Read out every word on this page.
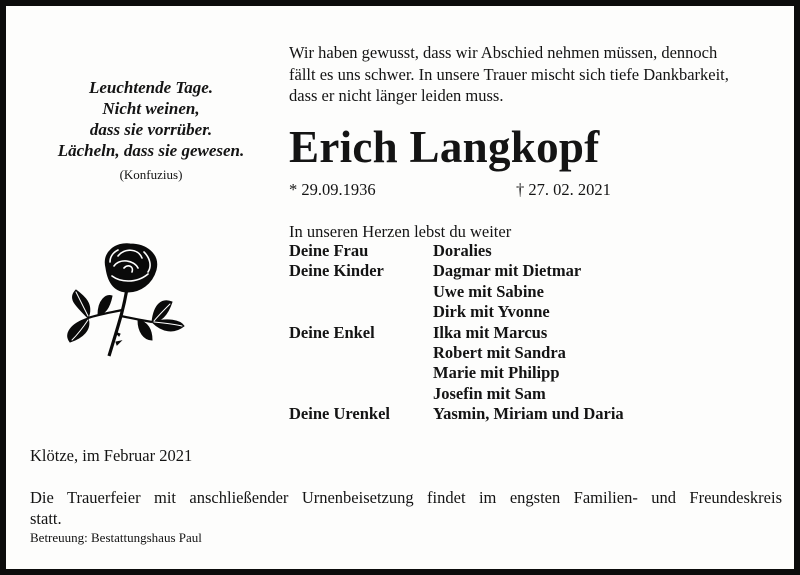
Leuchtende Tage.
Nicht weinen,
dass sie vorrüber.
Lächeln, dass sie gewesen.
(Konfuzius)
Wir haben gewusst, dass wir Abschied nehmen müssen, dennoch
fällt es uns schwer. In unsere Trauer mischt sich tiefe Dankbarkeit,
dass er nicht länger leiden muss.
Erich Langkopf
* 29.09.1936	† 27. 02. 2021
In unseren Herzen lebst du weiter
Deine Frau	Doralies
Deine Kinder	Dagmar mit Dietmar
Uwe mit Sabine
Dirk mit Yvonne
Deine Enkel	Ilka mit Marcus
Robert mit Sandra
Marie mit Philipp
Josefin mit Sam
Deine Urenkel	Yasmin, Miriam und Daria
Klötze, im Februar 2021
Die Trauerfeier mit anschließender Urnenbeisetzung findet im engsten Familien- und Freundeskreis
statt.
Betreuung: Bestattungshaus Paul
